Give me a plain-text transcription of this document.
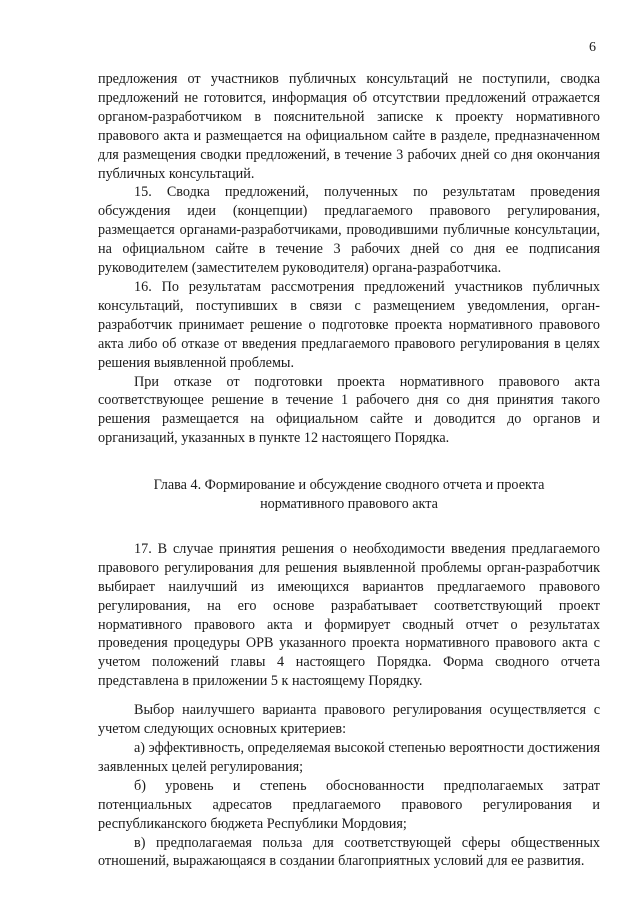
6

предложения от участников публичных консультаций не поступили, сводка предложений не готовится, информация об отсутствии предложений отражается органом-разработчиком в пояснительной записке к проекту нормативного правового акта и размещается на официальном сайте в разделе, предназначенном для размещения сводки предложений, в течение 3 рабочих дней со дня окончания публичных консультаций.

15. Сводка предложений, полученных по результатам проведения обсуждения идеи (концепции) предлагаемого правового регулирования, размещается органами-разработчиками, проводившими публичные консультации, на официальном сайте в течение 3 рабочих дней со дня ее подписания руководителем (заместителем руководителя) органа-разработчика.

16. По результатам рассмотрения предложений участников публичных консультаций, поступивших в связи с размещением уведомления, орган-разработчик принимает решение о подготовке проекта нормативного правового акта либо об отказе от введения предлагаемого правового регулирования в целях решения выявленной проблемы.

При отказе от подготовки проекта нормативного правового акта соответствующее решение в течение 1 рабочего дня со дня принятия такого решения размещается на официальном сайте и доводится до органов и организаций, указанных в пункте 12 настоящего Порядка.

Глава 4. Формирование и обсуждение сводного отчета и проекта
нормативного правового акта

17. В случае принятия решения о необходимости введения предлагаемого правового регулирования для решения выявленной проблемы орган-разработчик выбирает наилучший из имеющихся вариантов предлагаемого правового регулирования, на его основе разрабатывает соответствующий проект нормативного правового акта и формирует сводный отчет о результатах проведения процедуры ОРВ указанного проекта нормативного правового акта с учетом положений главы 4 настоящего Порядка. Форма сводного отчета представлена в приложении 5 к настоящему Порядку.

Выбор наилучшего варианта правового регулирования осуществляется с учетом следующих основных критериев:

а) эффективность, определяемая высокой степенью вероятности достижения заявленных целей регулирования;

б) уровень и степень обоснованности предполагаемых затрат потенциальных адресатов предлагаемого правового регулирования и республиканского бюджета Республики Мордовия;

в) предполагаемая польза для соответствующей сферы общественных отношений, выражающаяся в создании благоприятных условий для ее развития.
